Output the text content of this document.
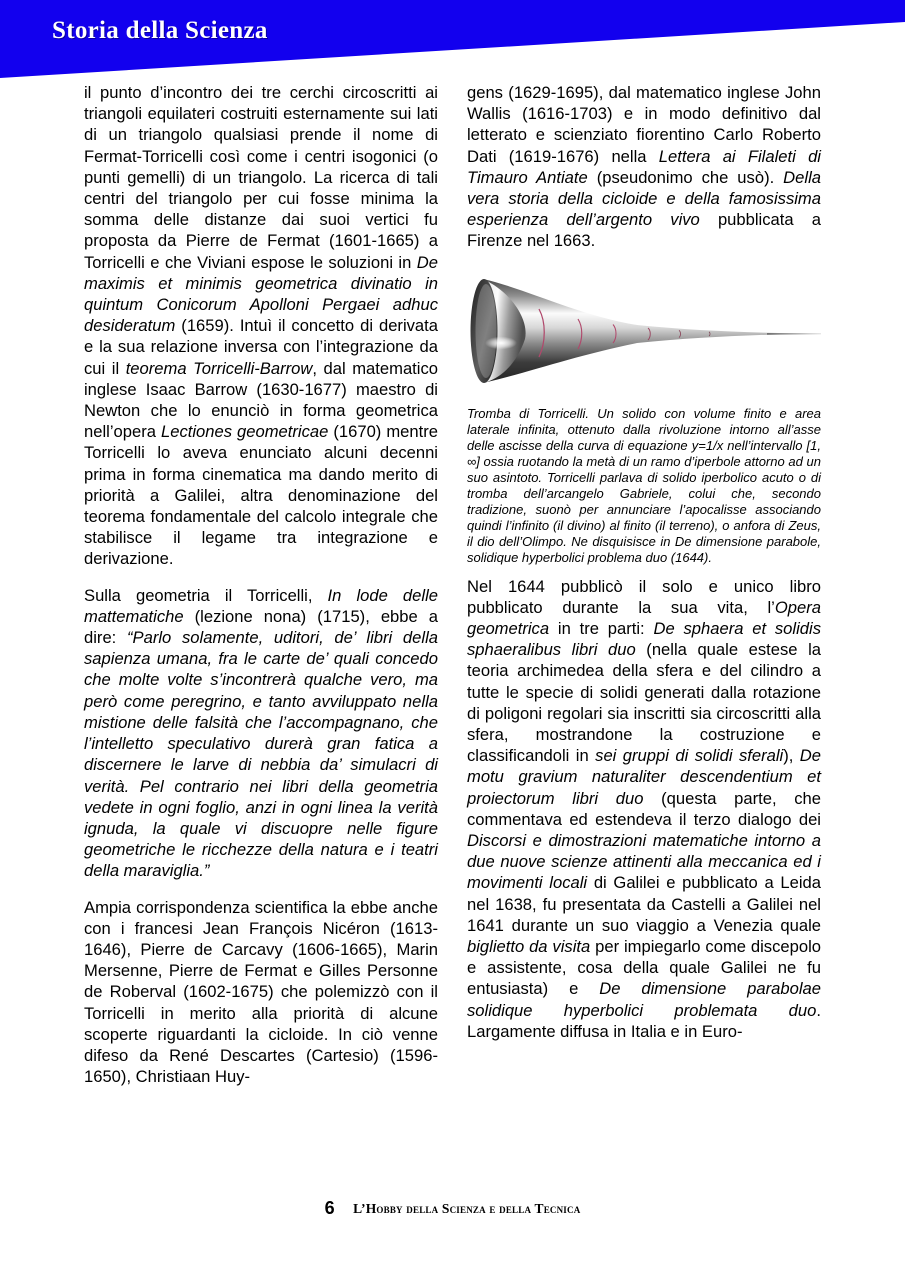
Storia della Scienza

il punto d’incontro dei tre cerchi circoscritti ai triangoli equilateri costruiti esternamente sui lati di un triangolo qualsiasi prende il nome di Fermat-Torricelli così come i centri isogonici (o punti gemelli) di un triangolo. La ricerca di tali centri del triangolo per cui fosse minima la somma delle distanze dai suoi vertici fu proposta da Pierre de Fermat (1601-1665) a Torricelli e che Viviani espose le soluzioni in De maximis et minimis geometrica divinatio in quintum Conicorum Apolloni Pergaei adhuc desideratum (1659). Intuì il concetto di derivata e la sua relazione inversa con l’integrazione da cui il teorema Torricelli-Barrow, dal matematico inglese Isaac Barrow (1630-1677) maestro di Newton che lo enunciò in forma geometrica nell’opera Lectiones geometricae (1670) mentre Torricelli lo aveva enunciato alcuni decenni prima in forma cinematica ma dando merito di priorità a Galilei, altra denominazione del teorema fondamentale del calcolo integrale che stabilisce il legame tra integrazione e derivazione.

Sulla geometria il Torricelli, In lode delle mattematiche (lezione nona) (1715), ebbe a dire: “Parlo solamente, uditori, de’ libri della sapienza umana, fra le carte de’ quali concedo che molte volte s’incontrerà qualche vero, ma però come peregrino, e tanto avviluppato nella mistione delle falsità che l’accompagnano, che l’intelletto speculativo durerà gran fatica a discernere le larve di nebbia da’ simulacri di verità. Pel contrario nei libri della geometria vedete in ogni foglio, anzi in ogni linea la verità ignuda, la quale vi discuopre nelle figure geometriche le ricchezze della natura e i teatri della maraviglia.”

Ampia corrispondenza scientifica la ebbe anche con i francesi Jean François Nicéron (1613-1646), Pierre de Carcavy (1606-1665), Marin Mersenne, Pierre de Fermat e Gilles Personne de Roberval (1602-1675) che polemizzò con il Torricelli in merito alla priorità di alcune scoperte riguardanti la cicloide. In ciò venne difeso da René Descartes (Cartesio) (1596-1650), Christiaan Huy-

gens (1629-1695), dal matematico inglese John Wallis (1616-1703) e in modo definitivo dal letterato e scienziato fiorentino Carlo Roberto Dati (1619-1676) nella Lettera ai Filaleti di Timauro Antiate (pseudonimo che usò). Della vera storia della cicloide e della famosissima esperienza dell’argento vivo pubblicata a Firenze nel 1663.

Tromba di Torricelli. Un solido con volume finito e area laterale infinita, ottenuto dalla rivoluzione intorno all’asse delle ascisse della curva di equazione y=1/x nell’intervallo [1, ∞] ossia ruotando la metà di un ramo d’iperbole attorno ad un suo asintoto. Torricelli parlava di solido iperbolico acuto o di tromba dell’arcangelo Gabriele, colui che, secondo tradizione, suonò per annunciare l’apocalisse associando quindi l’infinito (il divino) al finito (il terreno), o anfora di Zeus, il dio dell’Olimpo. Ne disquisisce in De dimensione parabole, solidique hyperbolici problema duo (1644).

Nel 1644 pubblicò il solo e unico libro pubblicato durante la sua vita, l’Opera geometrica in tre parti: De sphaera et solidis sphaeralibus libri duo (nella quale estese la teoria archimedea della sfera e del cilindro a tutte le specie di solidi generati dalla rotazione di poligoni regolari sia inscritti sia circoscritti alla sfera, mostrandone la costruzione e classificandoli in sei gruppi di solidi sferali), De motu gravium naturaliter descendentium et proiectorum libri duo (questa parte, che commentava ed estendeva il terzo dialogo dei Discorsi e dimostrazioni matematiche intorno a due nuove scienze attinenti alla meccanica ed i movimenti locali di Galilei e pubblicato a Leida nel 1638, fu presentata da Castelli a Galilei nel 1641 durante un suo viaggio a Venezia quale biglietto da visita per impiegarlo come discepolo e assistente, cosa della quale Galilei ne fu entusiasta) e De dimensione parabolae solidique hyperbolici problemata duo. Largamente diffusa in Italia e in Euro-

6 L’Hobby della Scienza e della Tecnica
